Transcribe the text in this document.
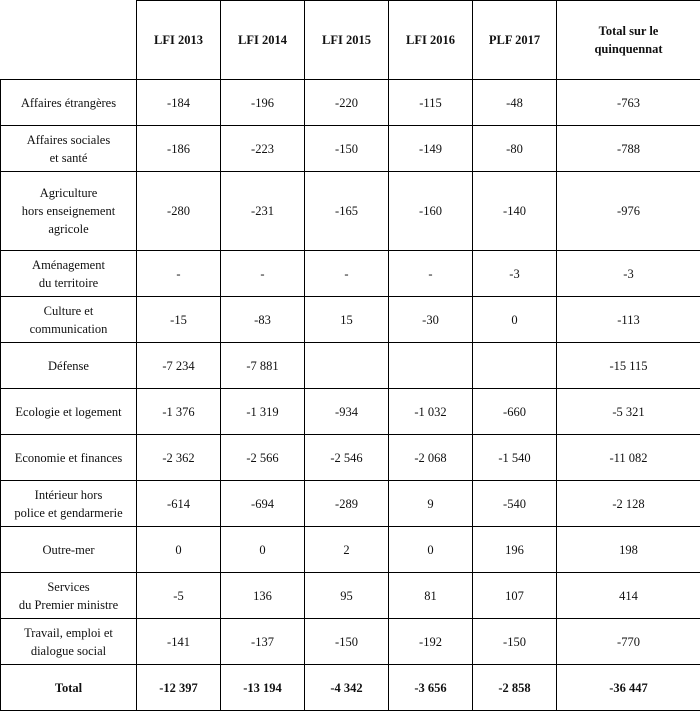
	LFI 2013	LFI 2014	LFI 2015	LFI 2016	PLF 2017	Total sur le
quinquennat
Affaires étrangères	-184	-196	-220	-115	-48	-763
Affaires sociales
et santé	-186	-223	-150	-149	-80	-788
Agriculture
hors enseignement
agricole	-280	-231	-165	-160	-140	-976
Aménagement
du territoire	-	-	-	-	-3	-3
Culture et
communication	-15	-83	15	-30	0	-113
Défense	-7 234	-7 881				-15 115
Ecologie et logement	-1 376	-1 319	-934	-1 032	-660	-5 321
Economie et finances	-2 362	-2 566	-2 546	-2 068	-1 540	-11 082
Intérieur hors
police et gendarmerie	-614	-694	-289	9	-540	-2 128
Outre-mer	0	0	2	0	196	198
Services
du Premier ministre	-5	136	95	81	107	414
Travail, emploi et
dialogue social	-141	-137	-150	-192	-150	-770
Total	-12 397	-13 194	-4 342	-3 656	-2 858	-36 447
